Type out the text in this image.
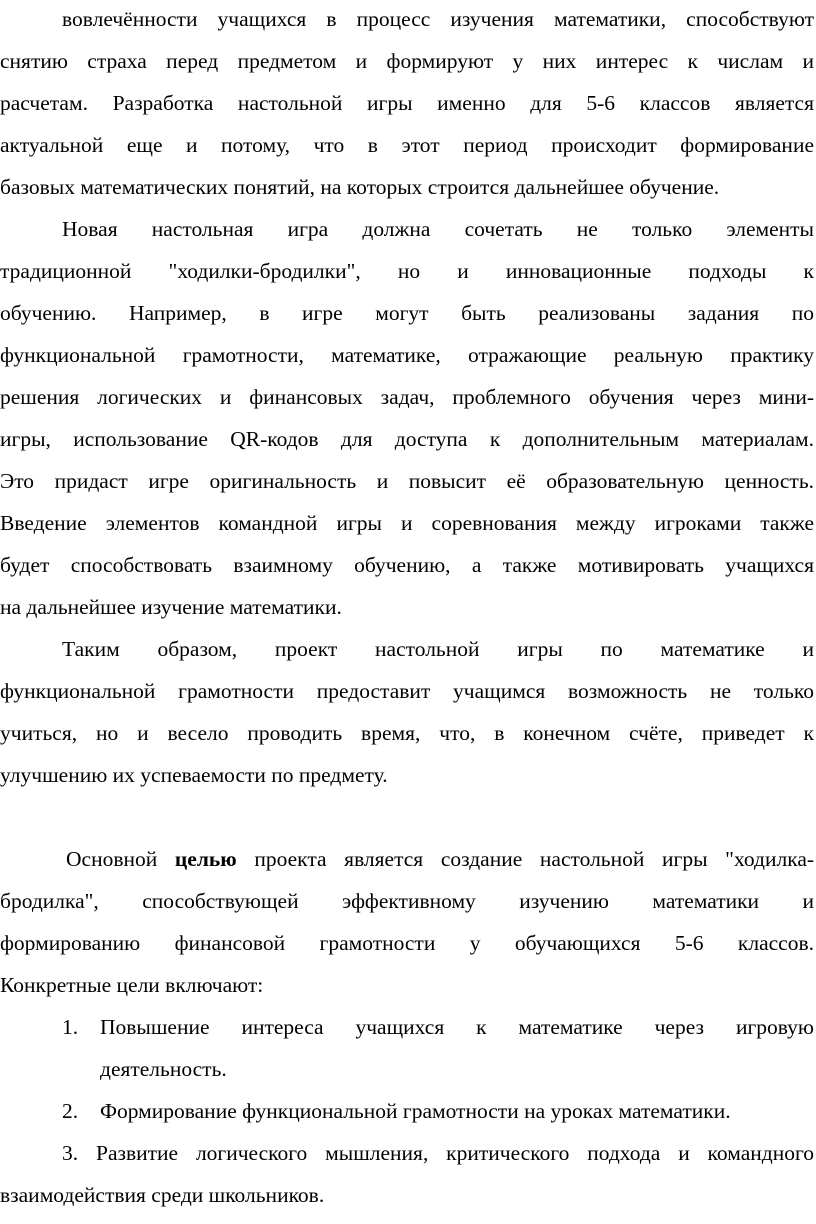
вовлечённости учащихся в процесс изучения математики, способствуют
снятию страха перед предметом и формируют у них интерес к числам и
расчетам. Разработка настольной игры именно для 5-6 классов является
актуальной еще и потому, что в этот период происходит формирование
базовых математических понятий, на которых строится дальнейшее обучение.
Новая настольная игра должна сочетать не только элементы
традиционной "ходилки-бродилки", но и инновационные подходы к
обучению. Например, в игре могут быть реализованы задания по
функциональной грамотности, математике, отражающие реальную практику
решения логических и финансовых задач, проблемного обучения через мини-
игры, использование QR-кодов для доступа к дополнительным материалам.
Это придаст игре оригинальность и повысит её образовательную ценность.
Введение элементов командной игры и соревнования между игроками также
будет способствовать взаимному обучению, а также мотивировать учащихся
на дальнейшее изучение математики.
Таким образом, проект настольной игры по математике и
функциональной грамотности предоставит учащимся возможность не только
учиться, но и весело проводить время, что, в конечном счёте, приведет к
улучшению их успеваемости по предмету.
Основной целью проекта является создание настольной игры "ходилка-
бродилка", способствующей эффективному изучению математики и
формированию финансовой грамотности у обучающихся 5-6 классов.
Конкретные цели включают:
1.	Повышение интереса учащихся к математике через игровую
деятельность.
2.	Формирование функциональной грамотности на уроках математики.
3. Развитие логического мышления, критического подхода и командного
взаимодействия среди школьников.
